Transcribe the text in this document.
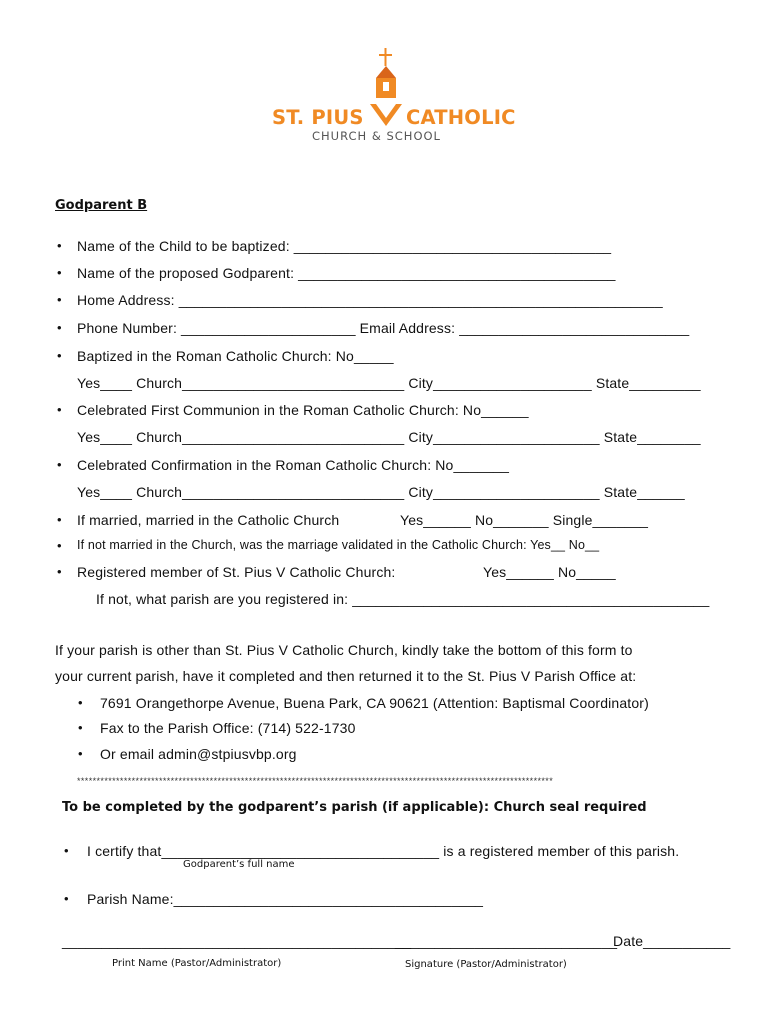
ST. PIUS CATHOLIC
CHURCH & SCHOOL
Godparent B
•
•
•
•
•
•
•
•
•
•
Name of the Child to be baptized: ________________________________________
Name of the proposed Godparent: ________________________________________
Home Address: _____________________________________________________________
Phone Number: ______________________ Email Address: _____________________________
Baptized in the Roman Catholic Church: No_____
Yes____ Church____________________________ City____________________ State_________
Celebrated First Communion in the Roman Catholic Church: No______
Yes____ Church____________________________ City_____________________ State________
Celebrated Confirmation in the Roman Catholic Church: No_______
Yes____ Church____________________________ City_____________________ State______
If married, married in the Catholic Church	Yes______ No_______ Single_______
If not married in the Church, was the marriage validated in the Catholic Church: Yes__ No__
Registered member of St. Pius V Catholic Church:	Yes______ No_____
If not, what parish are you registered in: _____________________________________________
If your parish is other than St. Pius V Catholic Church, kindly take the bottom of this form to
your current parish, have it completed and then returned it to the St. Pius V Parish Office at:
•
•
•
7691 Orangethorpe Avenue, Buena Park, CA 90621 (Attention: Baptismal Coordinator)
Fax to the Parish Office: (714) 522-1730
Or email admin@stpiusvbp.org
**************************************************************************************************************************
To be completed by the godparent’s parish (if applicable): Church seal required
• I certify that___________________________________ is a registered member of this parish.
Godparent’s full name
• Parish Name:_______________________________________
____________________________________________
____________________________
Date___________
Print Name (Pastor/Administrator)	Signature (Pastor/Administrator)
